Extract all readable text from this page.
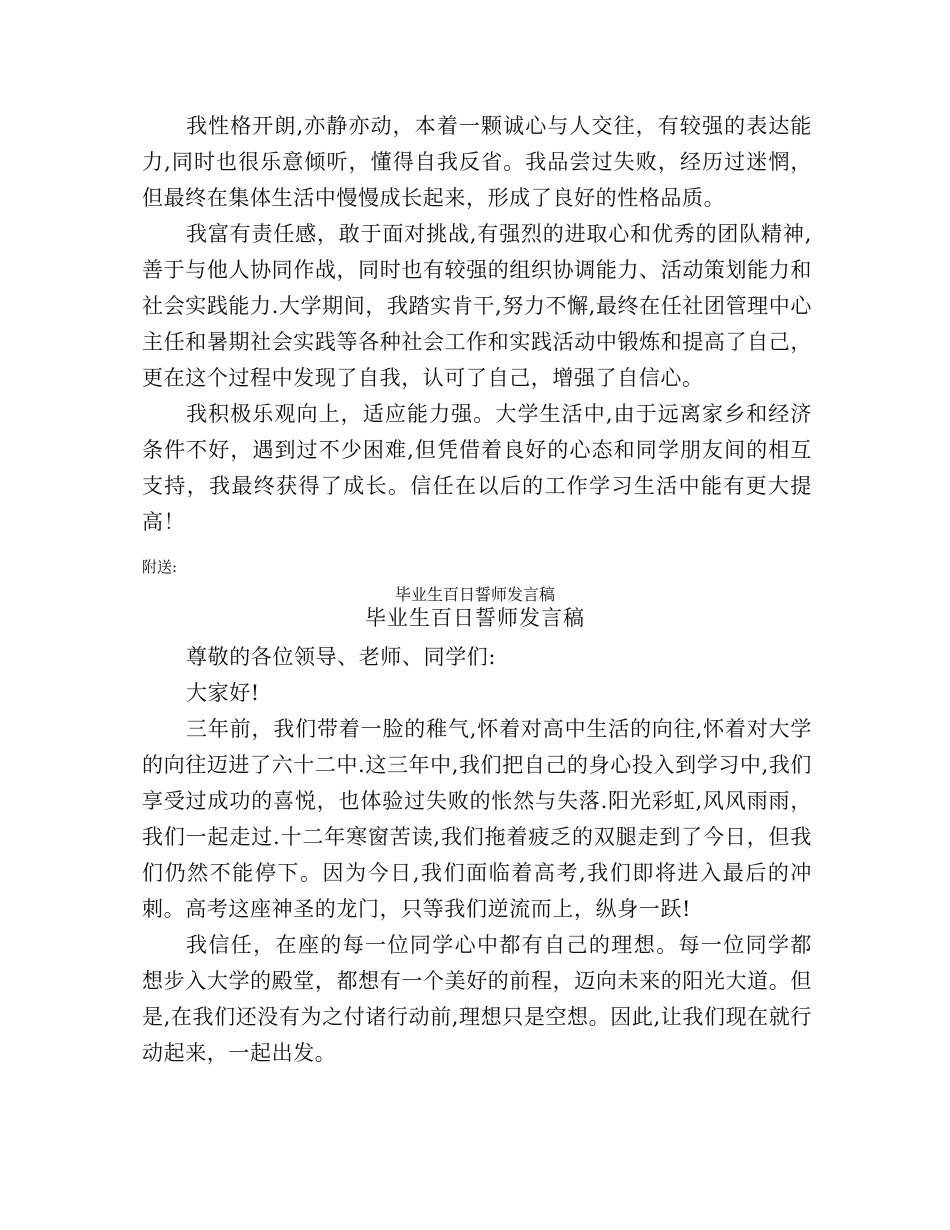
我性格开朗,亦静亦动，本着一颗诚心与人交往，有较强的表达能力,同时也很乐意倾听，懂得自我反省。我品尝过失败，经历过迷惘，但最终在集体生活中慢慢成长起来，形成了良好的性格品质。

我富有责任感，敢于面对挑战,有强烈的进取心和优秀的团队精神,善于与他人协同作战，同时也有较强的组织协调能力、活动策划能力和社会实践能力.大学期间，我踏实肯干,努力不懈,最终在任社团管理中心主任和暑期社会实践等各种社会工作和实践活动中锻炼和提高了自己，更在这个过程中发现了自我，认可了自己，增强了自信心。

我积极乐观向上，适应能力强。大学生活中,由于远离家乡和经济条件不好，遇到过不少困难,但凭借着良好的心态和同学朋友间的相互支持，我最终获得了成长。信任在以后的工作学习生活中能有更大提高！

附送:
毕业生百日誓师发言稿
毕业生百日誓师发言稿

尊敬的各位领导、老师、同学们:

大家好!

三年前，我们带着一脸的稚气,怀着对高中生活的向往,怀着对大学的向往迈进了六十二中.这三年中,我们把自己的身心投入到学习中,我们享受过成功的喜悦，也体验过失败的怅然与失落.阳光彩虹,风风雨雨，我们一起走过.十二年寒窗苦读,我们拖着疲乏的双腿走到了今日，但我们仍然不能停下。因为今日,我们面临着高考,我们即将进入最后的冲刺。高考这座神圣的龙门，只等我们逆流而上，纵身一跃!

我信任，在座的每一位同学心中都有自己的理想。每一位同学都想步入大学的殿堂，都想有一个美好的前程，迈向未来的阳光大道。但是,在我们还没有为之付诸行动前,理想只是空想。因此,让我们现在就行动起来，一起出发。
